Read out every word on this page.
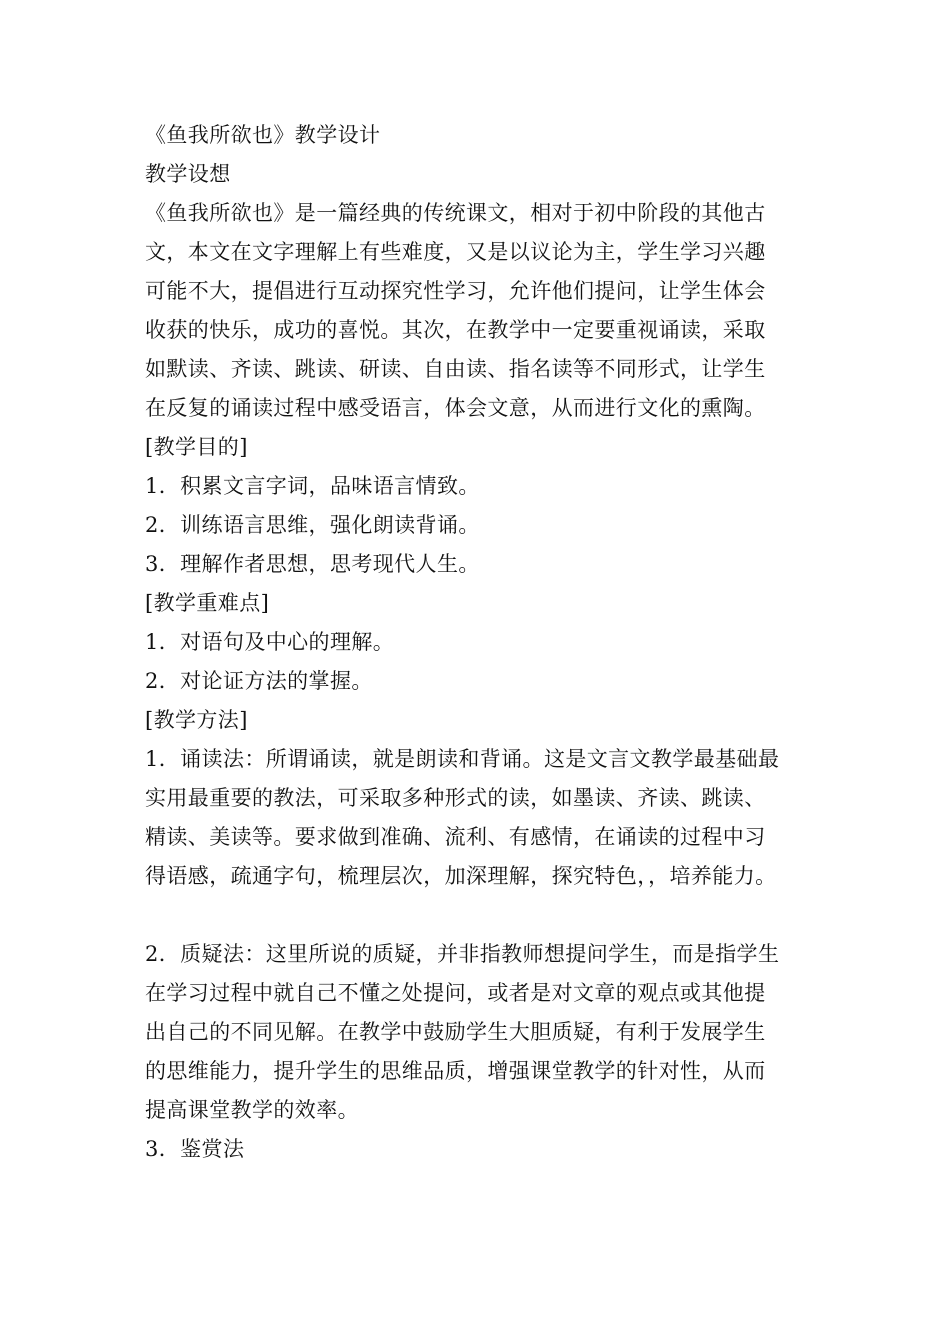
《鱼我所欲也》教学设计
教学设想
《鱼我所欲也》是一篇经典的传统课文，相对于初中阶段的其他古
文，本文在文字理解上有些难度，又是以议论为主，学生学习兴趣
可能不大，提倡进行互动探究性学习，允许他们提问，让学生体会
收获的快乐，成功的喜悦。其次，在教学中一定要重视诵读，采取
如默读、齐读、跳读、研读、自由读、指名读等不同形式，让学生
在反复的诵读过程中感受语言，体会文意，从而进行文化的熏陶。
[教学目的]
1．积累文言字词，品味语言情致。
2．训练语言思维，强化朗读背诵。
3．理解作者思想，思考现代人生。
[教学重难点]
1．对语句及中心的理解。
2．对论证方法的掌握。
[教学方法]
1．诵读法：所谓诵读，就是朗读和背诵。这是文言文教学最基础最
实用最重要的教法，可采取多种形式的读，如墨读、齐读、跳读、
精读、美读等。要求做到准确、流利、有感情，在诵读的过程中习
得语感，疏通字句，梳理层次，加深理解，探究特色，，培养能力。
2．质疑法：这里所说的质疑，并非指教师想提问学生，而是指学生
在学习过程中就自己不懂之处提问，或者是对文章的观点或其他提
出自己的不同见解。在教学中鼓励学生大胆质疑，有利于发展学生
的思维能力，提升学生的思维品质，增强课堂教学的针对性，从而
提高课堂教学的效率。
3．鉴赏法
